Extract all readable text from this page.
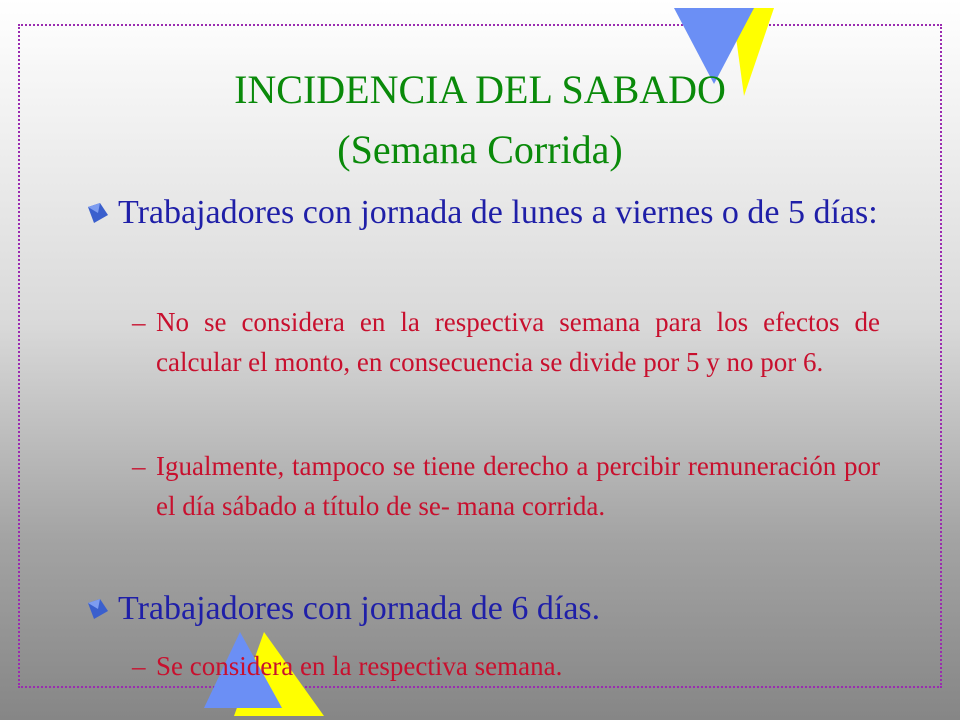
INCIDENCIA DEL SABADO
(Semana Corrida)
Trabajadores con jornada de lunes a viernes o de 5 días:
– No se considera en la respectiva semana para los efectos de calcular el monto, en consecuencia se divide por 5 y no por 6.
– Igualmente, tampoco se tiene derecho a percibir remuneración por el día sábado a título de se- mana corrida.
Trabajadores con jornada de 6 días.
– Se considera en la respectiva semana.
